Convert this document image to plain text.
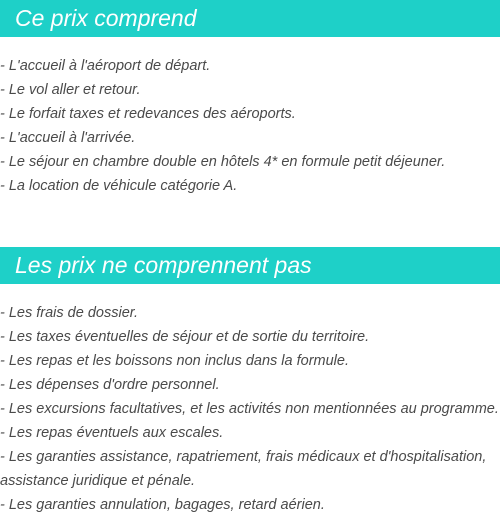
Ce prix comprend
- L'accueil à l'aéroport de départ.
- Le vol aller et retour.
- Le forfait taxes et redevances des aéroports.
- L'accueil à l'arrivée.
- Le séjour en chambre double en hôtels 4* en formule petit déjeuner.
- La location de véhicule catégorie A.
Les prix ne comprennent pas
- Les frais de dossier.
- Les taxes éventuelles de séjour et de sortie du territoire.
- Les repas et les boissons non inclus dans la formule.
- Les dépenses d'ordre personnel.
- Les excursions facultatives, et les activités non mentionnées au programme.
- Les repas éventuels aux escales.
- Les garanties assistance, rapatriement, frais médicaux et d'hospitalisation, assistance juridique et pénale.
- Les garanties annulation, bagages, retard aérien.
